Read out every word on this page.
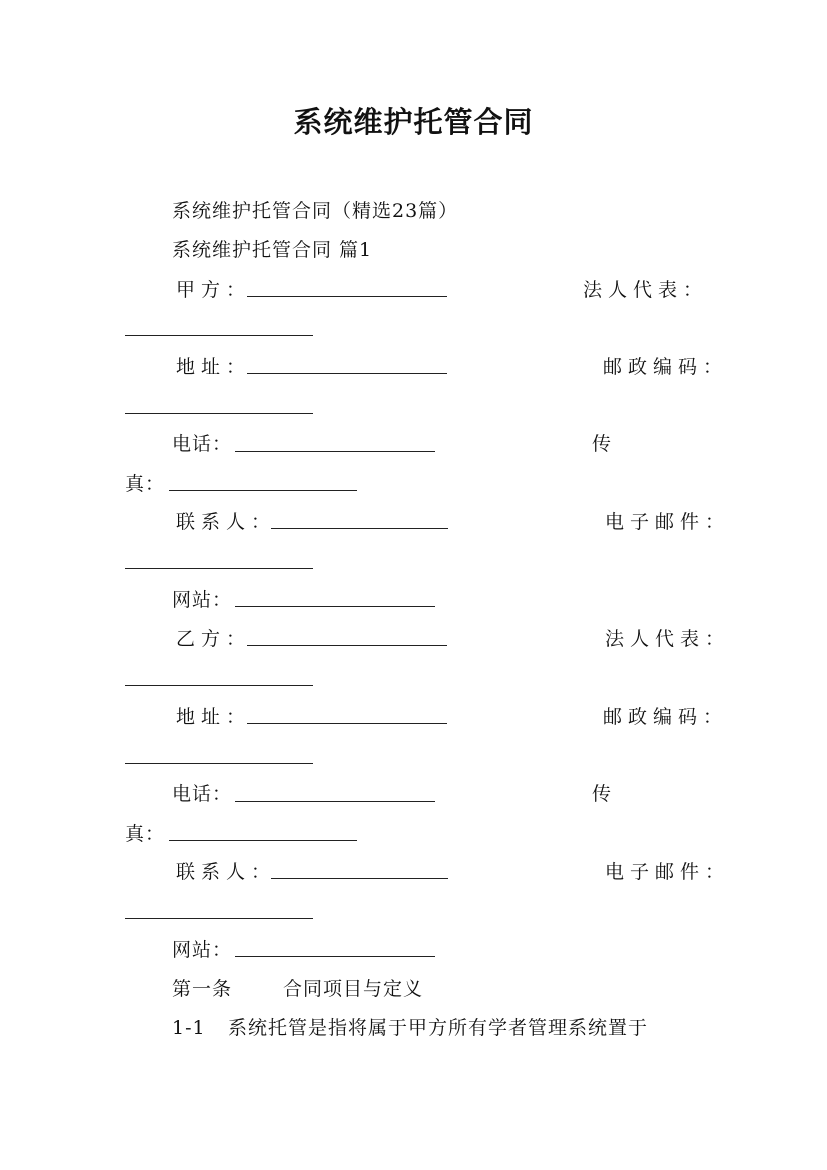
系统维护托管合同
系统维护托管合同（精选23篇）
系统维护托管合同 篇1
甲方：	法人代表：
地址：	邮政编码：
电话：	传
真：
联系人：	电子邮件：
网站：
乙方：	法人代表：
地址：	邮政编码：
电话：	传
真：
联系人：	电子邮件：
网站：
第一条	合同项目与定义
1-1 系统托管是指将属于甲方所有学者管理系统置于
